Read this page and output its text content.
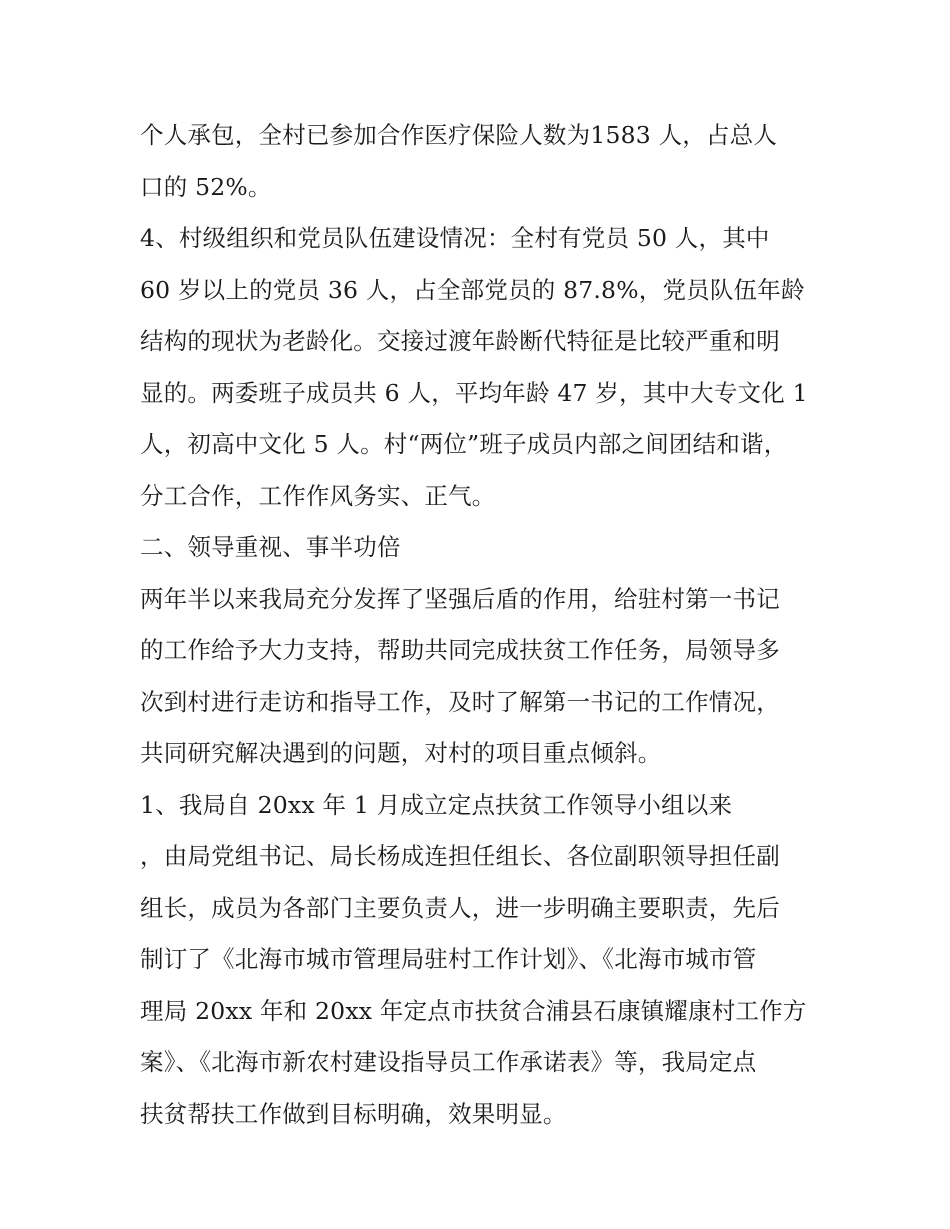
个人承包，全村已参加合作医疗保险人数为1583 人，占总人
口的 52%。
4、村级组织和党员队伍建设情况：全村有党员 50 人，其中
60 岁以上的党员 36 人，占全部党员的 87.8%，党员队伍年龄
结构的现状为老龄化。交接过渡年龄断代特征是比较严重和明
显的。两委班子成员共 6 人，平均年龄 47 岁，其中大专文化 1
人，初高中文化 5 人。村“两位”班子成员内部之间团结和谐，
分工合作，工作作风务实、正气。
二、领导重视、事半功倍
两年半以来我局充分发挥了坚强后盾的作用，给驻村第一书记
的工作给予大力支持，帮助共同完成扶贫工作任务，局领导多
次到村进行走访和指导工作，及时了解第一书记的工作情况，
共同研究解决遇到的问题，对村的项目重点倾斜。
1、我局自 20xx 年 1 月成立定点扶贫工作领导小组以来
，由局党组书记、局长杨成连担任组长、各位副职领导担任副
组长，成员为各部门主要负责人，进一步明确主要职责，先后
制订了《北海市城市管理局驻村工作计划》、《北海市城市管
理局 20xx 年和 20xx 年定点市扶贫合浦县石康镇耀康村工作方
案》、《北海市新农村建设指导员工作承诺表》等，我局定点
扶贫帮扶工作做到目标明确，效果明显。
